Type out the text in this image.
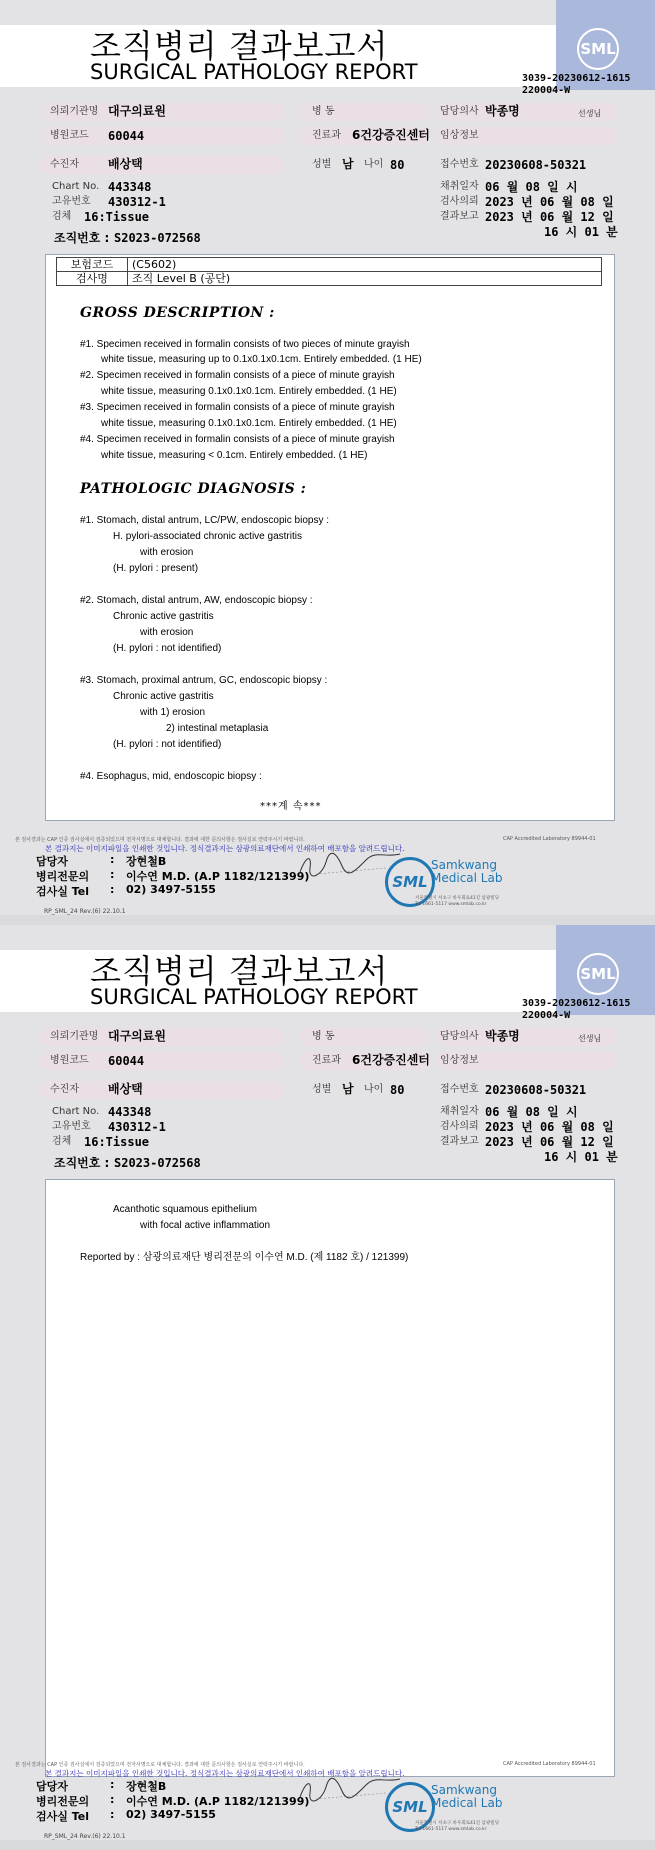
SML
조직병리 결과보고서
SURGICAL PATHOLOGY REPORT	3039-20230612-1615
220004-W
의뢰기관명 대구의료원	병 동	담당의사 박종명	선생님
병원코드 60044	진료과 6건강증진센터 임상정보
수진자 배상택	성별 남 나이 80	접수번호 20230608-50321
Chart No. 443348
고유번호 430312-1
검체 16:Tissue
채취일자 06 월 08 일 시
검사의뢰 2023 년 06 월 08 일
결과보고 2023 년 06 월 12 일
16 시 01 분
조직번호 : S2023-072568
보험코드	(C5602)
검사명	조직 Level B (공단)
GROSS DESCRIPTION :
#1. Specimen received in formalin consists of two pieces of minute grayish
white tissue, measuring up to 0.1x0.1x0.1cm. Entirely embedded. (1 HE)
#2. Specimen received in formalin consists of a piece of minute grayish
white tissue, measuring 0.1x0.1x0.1cm. Entirely embedded. (1 HE)
#3. Specimen received in formalin consists of a piece of minute grayish
white tissue, measuring 0.1x0.1x0.1cm. Entirely embedded. (1 HE)
#4. Specimen received in formalin consists of a piece of minute grayish
white tissue, measuring < 0.1cm. Entirely embedded. (1 HE)
PATHOLOGIC DIAGNOSIS :
#1. Stomach, distal antrum, LC/PW, endoscopic biopsy :
H. pylori-associated chronic active gastritis
with erosion
(H. pylori : present)
#2. Stomach, distal antrum, AW, endoscopic biopsy :
Chronic active gastritis
with erosion
(H. pylori : not identified)
#3. Stomach, proximal antrum, GC, endoscopic biopsy :
Chronic active gastritis
with 1) erosion
2) intestinal metaplasia
(H. pylori : not identified)
#4. Esophagus, mid, endoscopic biopsy :
***계 속***
본 검사결과는 CAP 인증 검사실에서 검증되었으며 전자서명으로 대체합니다. 결과에 대한 문의사항은 검사실로 연락주시기 바랍니다.	CAP Accredited Laboratory 89944-01
본 결과지는 이미지파일을 인쇄한 것입니다. 정식결과지는 삼광의료재단에서 인쇄하여 배포함을 알려드립니다.
담당자	: 장현철B
병리전문의 : 이수연 M.D. (A.P 1182/121399)
검사실 Tel : 02) 3497-5155
RP_SML_24 Rev.(6) 22.10.1
SML
Samkwang
Medical Lab
서울특별시 서초구 바우뫼로41길 삼광빌딩
Tel 1661-5117 www.smlab.co.kr
SML
조직병리 결과보고서
SURGICAL PATHOLOGY REPORT	3039-20230612-1615
220004-W
의뢰기관명 대구의료원	병 동	담당의사 박종명	선생님
병원코드 60044	진료과 6건강증진센터 임상정보
수진자 배상택	성별 남 나이 80	접수번호 20230608-50321
Chart No. 443348
고유번호 430312-1
검체 16:Tissue
채취일자 06 월 08 일 시
검사의뢰 2023 년 06 월 08 일
결과보고 2023 년 06 월 12 일
16 시 01 분
조직번호 : S2023-072568
Acanthotic squamous epithelium
with focal active inflammation
Reported by : 삼광의료재단 병리전문의 이수연 M.D. (제 1182 호) / 121399)
본 검사결과는 CAP 인증 검사실에서 검증되었으며 전자서명으로 대체합니다. 결과에 대한 문의사항은 검사실로 연락주시기 바랍니다.	CAP Accredited Laboratory 89944-01
본 결과지는 이미지파일을 인쇄한 것입니다. 정식결과지는 삼광의료재단에서 인쇄하여 배포함을 알려드립니다.
담당자	: 장현철B
병리전문의 : 이수연 M.D. (A.P 1182/121399)
검사실 Tel : 02) 3497-5155
RP_SML_24 Rev.(6) 22.10.1
SML
Samkwang
Medical Lab
서울특별시 서초구 바우뫼로41길 삼광빌딩
Tel 1661-5117 www.smlab.co.kr
